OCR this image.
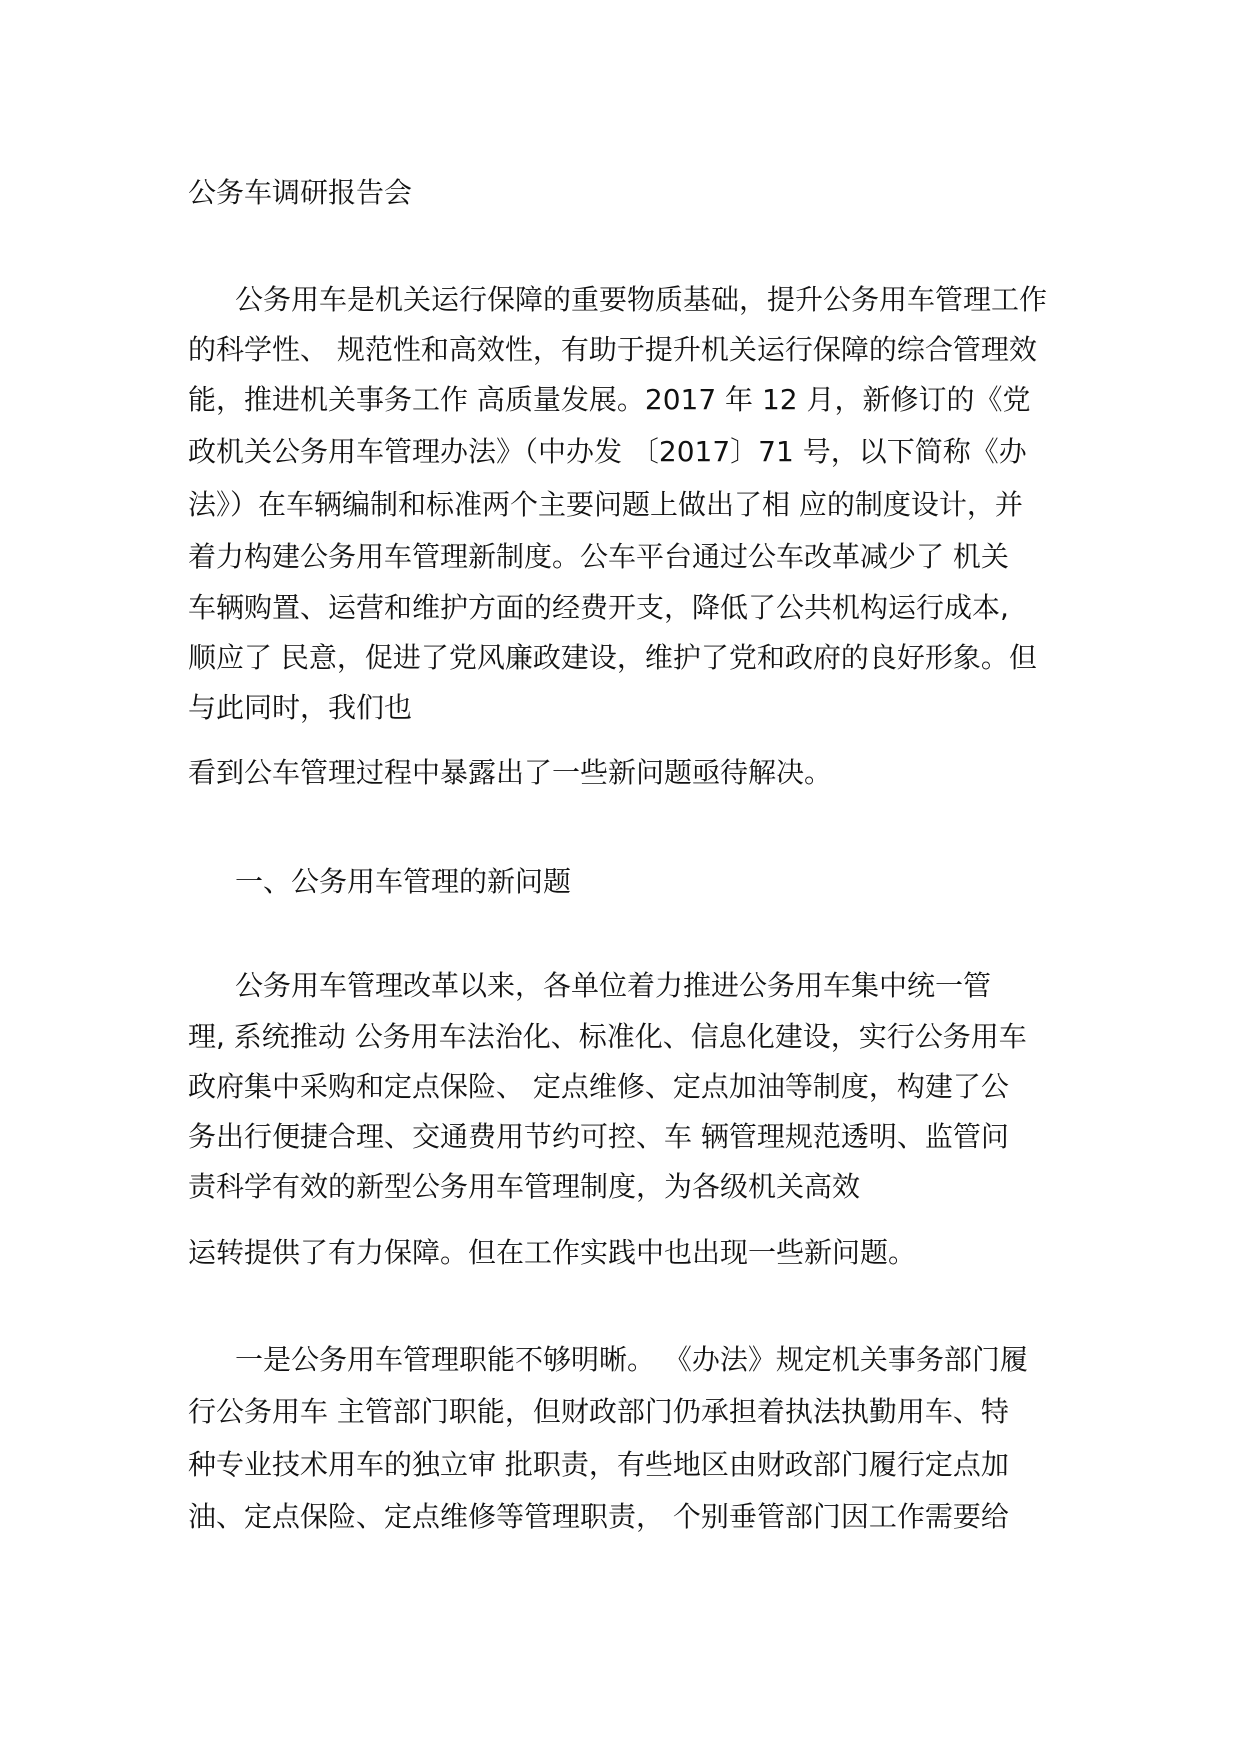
公务车调研报告会
公务用车是机关运行保障的重要物质基础，提升公务用车管理工作
的科学性、 规范性和高效性，有助于提升机关运行保障的综合管理效
能，推进机关事务工作 高质量发展。2017 年 12 月，新修订的《党
政机关公务用车管理办法》（中办发 〔2017〕71 号，以下简称《办
法》）在车辆编制和标准两个主要问题上做出了相 应的制度设计，并
着力构建公务用车管理新制度。公车平台通过公车改革减少了 机关
车辆购置、运营和维护方面的经费开支，降低了公共机构运行成本,
顺应了 民意，促进了党风廉政建设，维护了党和政府的良好形象。但
与此同时，我们也
看到公车管理过程中暴露出了一些新问题亟待解决。
一、公务用车管理的新问题
公务用车管理改革以来，各单位着力推进公务用车集中统一管
理, 系统推动 公务用车法治化、标准化、信息化建设，实行公务用车
政府集中采购和定点保险、 定点维修、定点加油等制度，构建了公
务出行便捷合理、交通费用节约可控、车 辆管理规范透明、监管问
责科学有效的新型公务用车管理制度，为各级机关高效
运转提供了有力保障。但在工作实践中也出现一些新问题。
一是公务用车管理职能不够明晰。 《办法》规定机关事务部门履
行公务用车 主管部门职能，但财政部门仍承担着执法执勤用车、特
种专业技术用车的独立审 批职责，有些地区由财政部门履行定点加
油、定点保险、定点维修等管理职责， 个别垂管部门因工作需要给
